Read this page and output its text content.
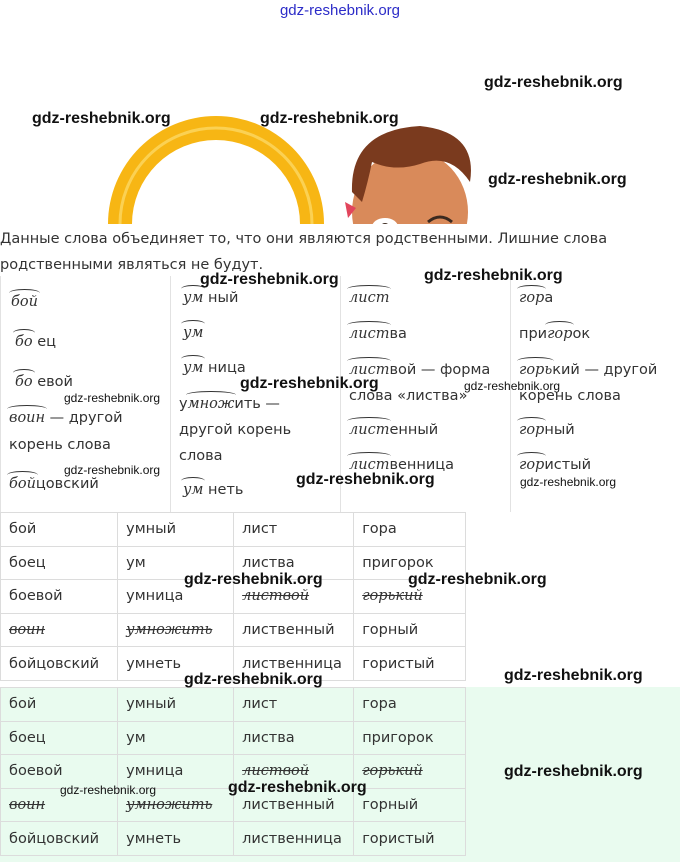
gdz-reshebnik.org
Данные слова объединяет то, что они являются родственными. Лишние слова
родственными являться не будут.
бой
бо ец
бо евой
воин — другой
корень слова
бойцовский
ум ный
ум
ум ница
умножить —
другой корень
слова
ум неть
лист
листва
листвой — форма
слова «листва»
листенный
лиственница
гора
пригорок
горький — другой
корень слова
горный
гористый
бой	умный	лист	гора
боец	ум	листва	пригорок
боевой	умница	листвой	горький
воин	умножить	лиственный	горный
бойцовский	умнеть	лиственница	гористый
бой	умный	лист	гора
боец	ум	листва	пригорок
боевой	умница	листвой	горький
воин	умножить	лиственный	горный
бойцовский	умнеть	лиственница	гористый
gdz-reshebnik.org
gdz-reshebnik.org	gdz-reshebnik.org
gdz-reshebnik.org
gdz-reshebnik.org	gdz-reshebnik.org
gdz-reshebnik.org	gdz-reshebnik.org
gdz-reshebnik.org
gdz-reshebnik.org
gdz-reshebnik.org	gdz-reshebnik.org
gdz-reshebnik.org	gdz-reshebnik.org
gdz-reshebnik.org	gdz-reshebnik.org
gdz-reshebnik.org
gdz-reshebnik.org	gdz-reshebnik.org
